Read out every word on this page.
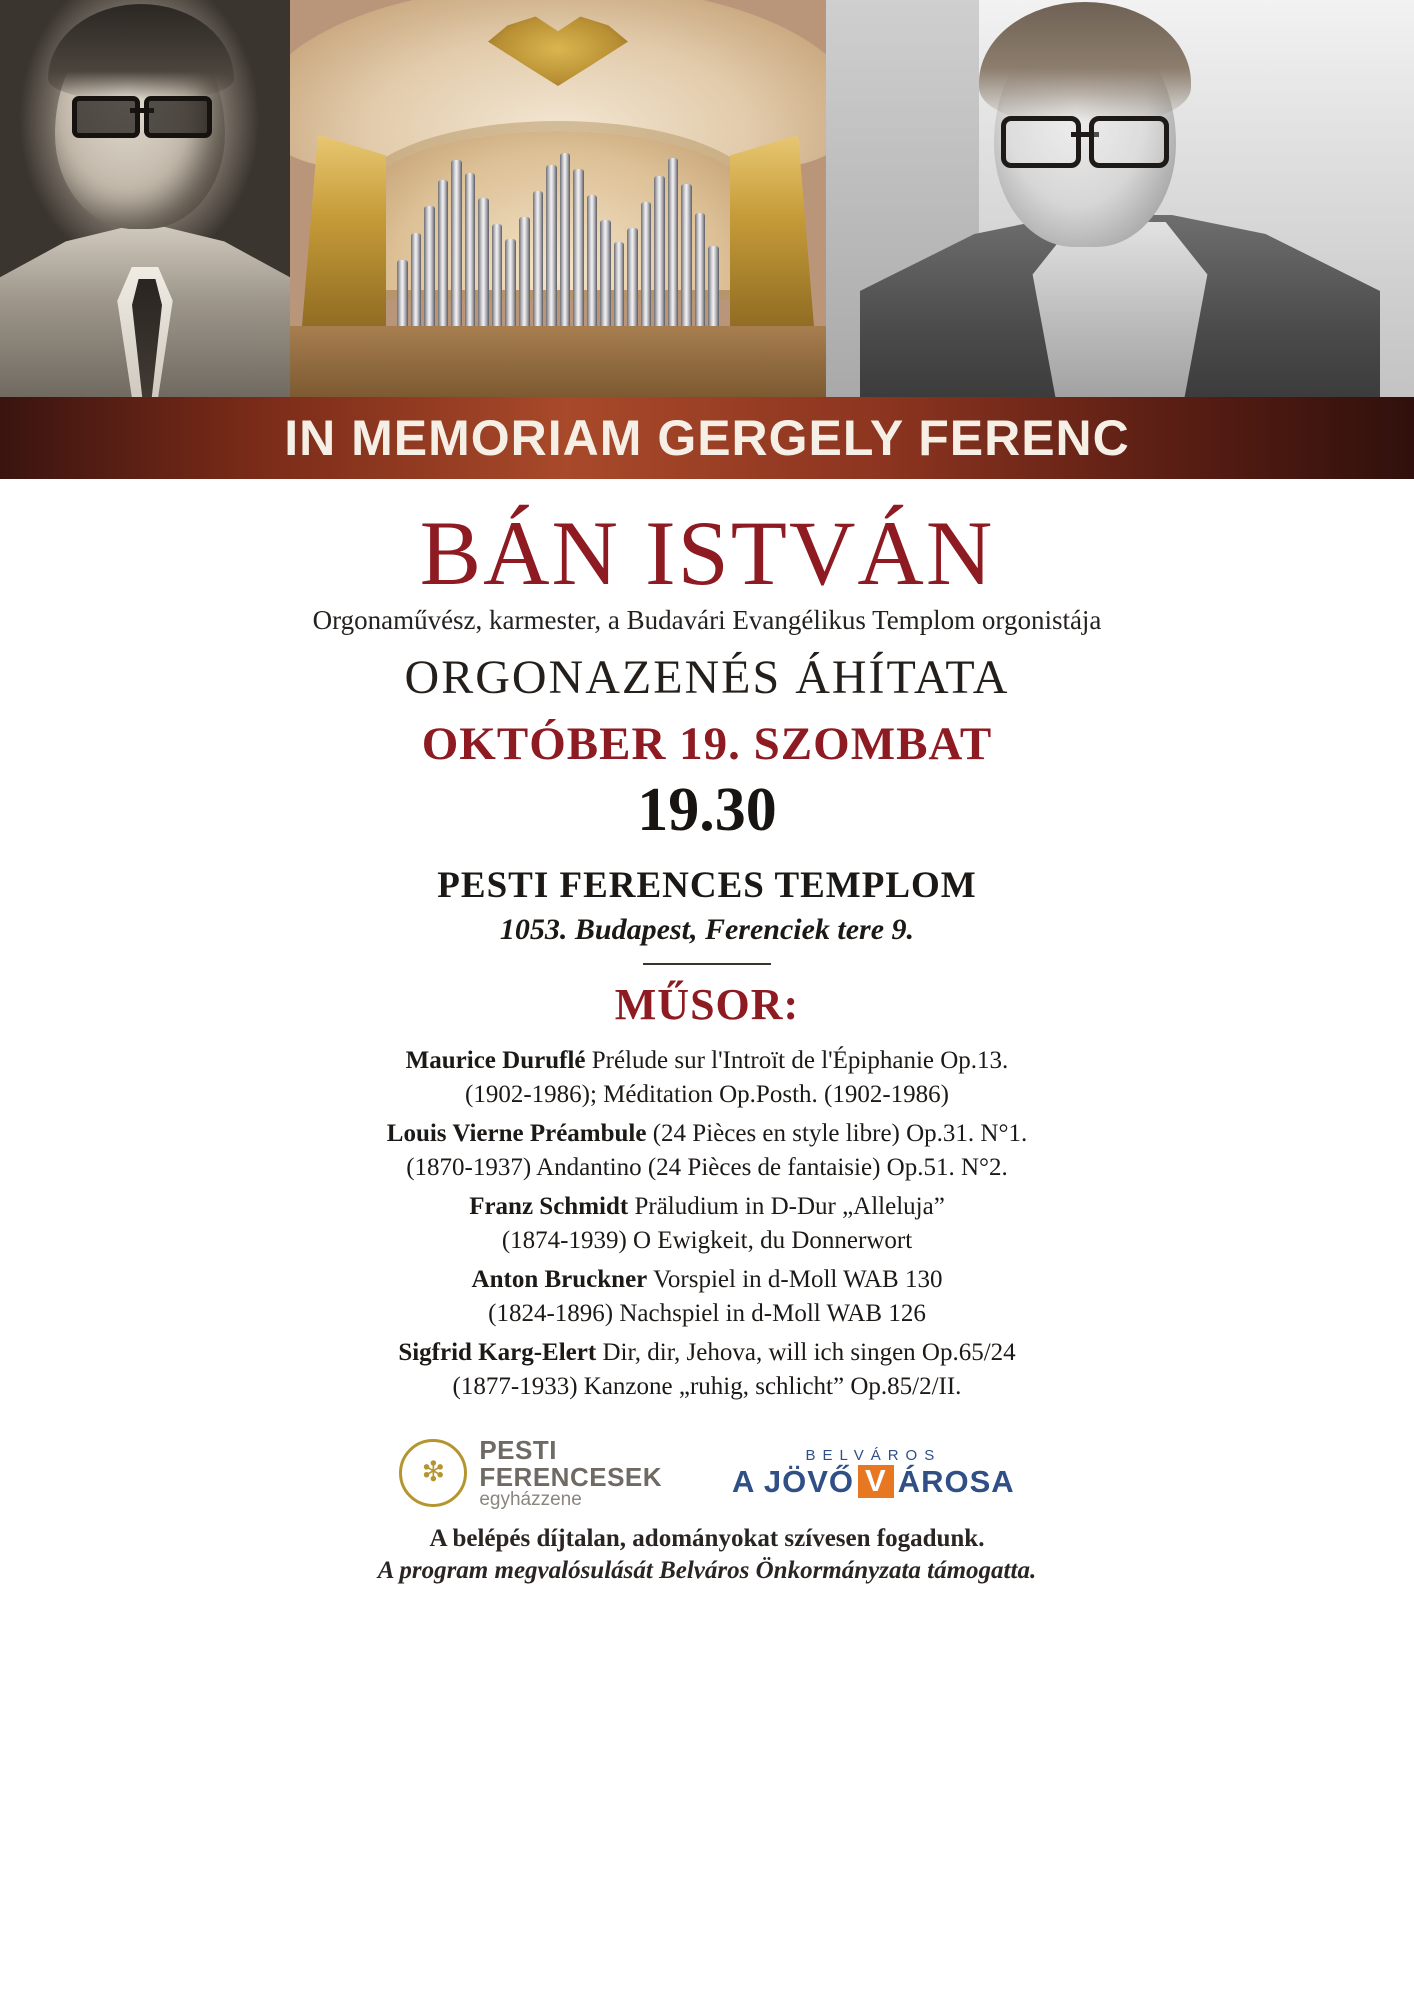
IN MEMORIAM GERGELY FERENC
BÁN ISTVÁN
Orgonaművész, karmester, a Budavári Evangélikus Templom orgonistája
ORGONAZENÉS ÁHÍTATA
OKTÓBER 19. SZOMBAT
19.30
PESTI FERENCES TEMPLOM
1053. Budapest, Ferenciek tere 9.
MŰSOR:
Maurice Duruflé Prélude sur l'Introït de l'Épiphanie Op.13.
(1902-1986); Méditation Op.Posth. (1902-1986)
Louis Vierne Préambule (24 Pièces en style libre) Op.31. N°1.
(1870-1937) Andantino (24 Pièces de fantaisie) Op.51. N°2.
Franz Schmidt Präludium in D-Dur „Alleluja”
(1874-1939) O Ewigkeit, du Donnerwort
Anton Bruckner Vorspiel in d-Moll WAB 130
(1824-1896) Nachspiel in d-Moll WAB 126
Sigfrid Karg-Elert Dir, dir, Jehova, will ich singen Op.65/24
(1877-1933) Kanzone „ruhig, schlicht” Op.85/2/II.
❇
PESTI
FERENCESEK
egyházzene
BELVÁROS
A JÖVŐ V ÁROSA
A belépés díjtalan, adományokat szívesen fogadunk.
A program megvalósulását Belváros Önkormányzata támogatta.
